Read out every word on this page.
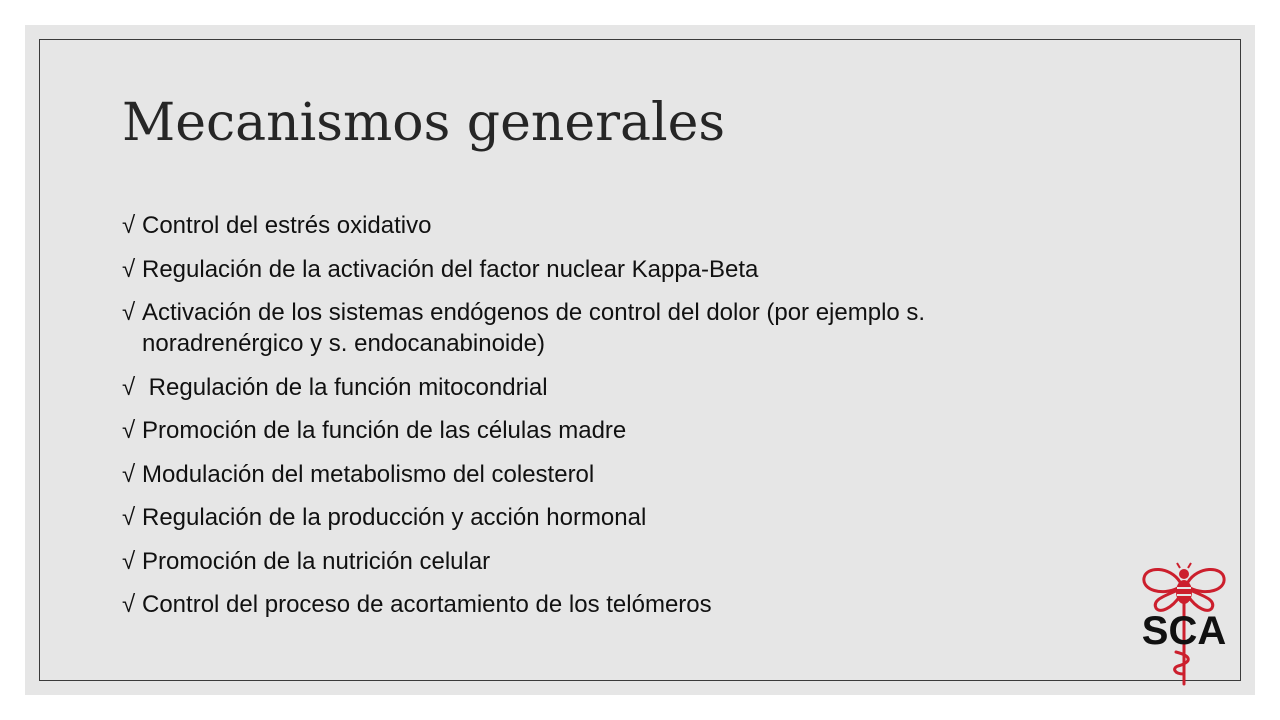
Mecanismos generales
√ Control del estrés oxidativo
√ Regulación de la activación del factor nuclear Kappa-Beta
√ Activación de los sistemas endógenos de control del dolor (por ejemplo s. noradrenérgico y s. endocanabinoide)
√ Regulación de la función mitocondrial
√ Promoción de la función de las células madre
√ Modulación del metabolismo del colesterol
√ Regulación de la producción y acción hormonal
√ Promoción de la nutrición celular
√ Control del proceso de acortamiento de los telómeros
SCA
